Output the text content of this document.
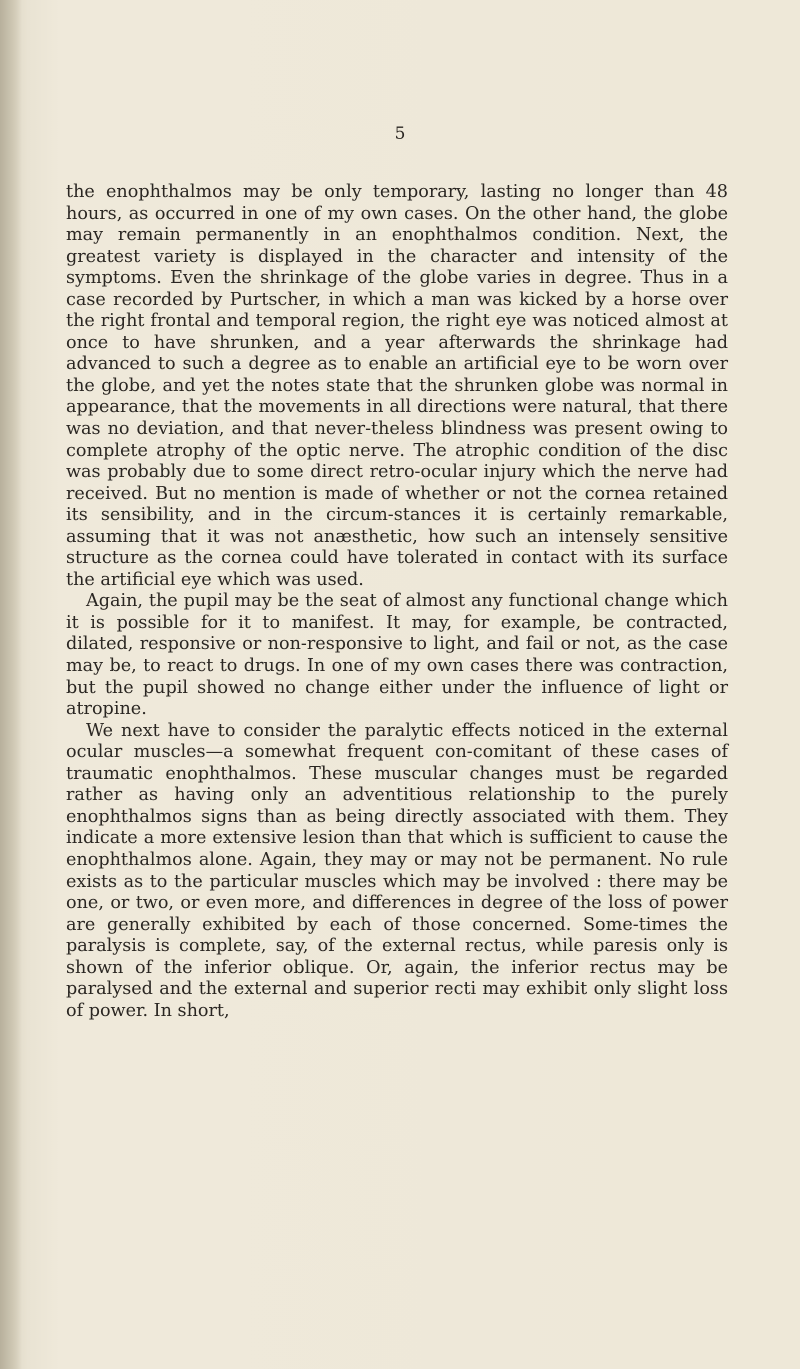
5

the enophthalmos may be only temporary, lasting no longer than 48 hours, as occurred in one of my own cases. On the other hand, the globe may remain permanently in an enophthalmos condition. Next, the greatest variety is displayed in the character and intensity of the symptoms. Even the shrinkage of the globe varies in degree. Thus in a case recorded by Purtscher, in which a man was kicked by a horse over the right frontal and temporal region, the right eye was noticed almost at once to have shrunken, and a year afterwards the shrinkage had advanced to such a degree as to enable an artificial eye to be worn over the globe, and yet the notes state that the shrunken globe was normal in appearance, that the movements in all directions were natural, that there was no deviation, and that never-theless blindness was present owing to complete atrophy of the optic nerve. The atrophic condition of the disc was probably due to some direct retro-ocular injury which the nerve had received. But no mention is made of whether or not the cornea retained its sensibility, and in the circum-stances it is certainly remarkable, assuming that it was not anæsthetic, how such an intensely sensitive structure as the cornea could have tolerated in contact with its surface the artificial eye which was used.

Again, the pupil may be the seat of almost any functional change which it is possible for it to manifest. It may, for example, be contracted, dilated, responsive or non-responsive to light, and fail or not, as the case may be, to react to drugs. In one of my own cases there was contraction, but the pupil showed no change either under the influence of light or atropine.

We next have to consider the paralytic effects noticed in the external ocular muscles—a somewhat frequent con-comitant of these cases of traumatic enophthalmos. These muscular changes must be regarded rather as having only an adventitious relationship to the purely enophthalmos signs than as being directly associated with them. They indicate a more extensive lesion than that which is sufficient to cause the enophthalmos alone. Again, they may or may not be permanent. No rule exists as to the particular muscles which may be involved : there may be one, or two, or even more, and differences in degree of the loss of power are generally exhibited by each of those concerned. Some-times the paralysis is complete, say, of the external rectus, while paresis only is shown of the inferior oblique. Or, again, the inferior rectus may be paralysed and the external and superior recti may exhibit only slight loss of power. In short,
